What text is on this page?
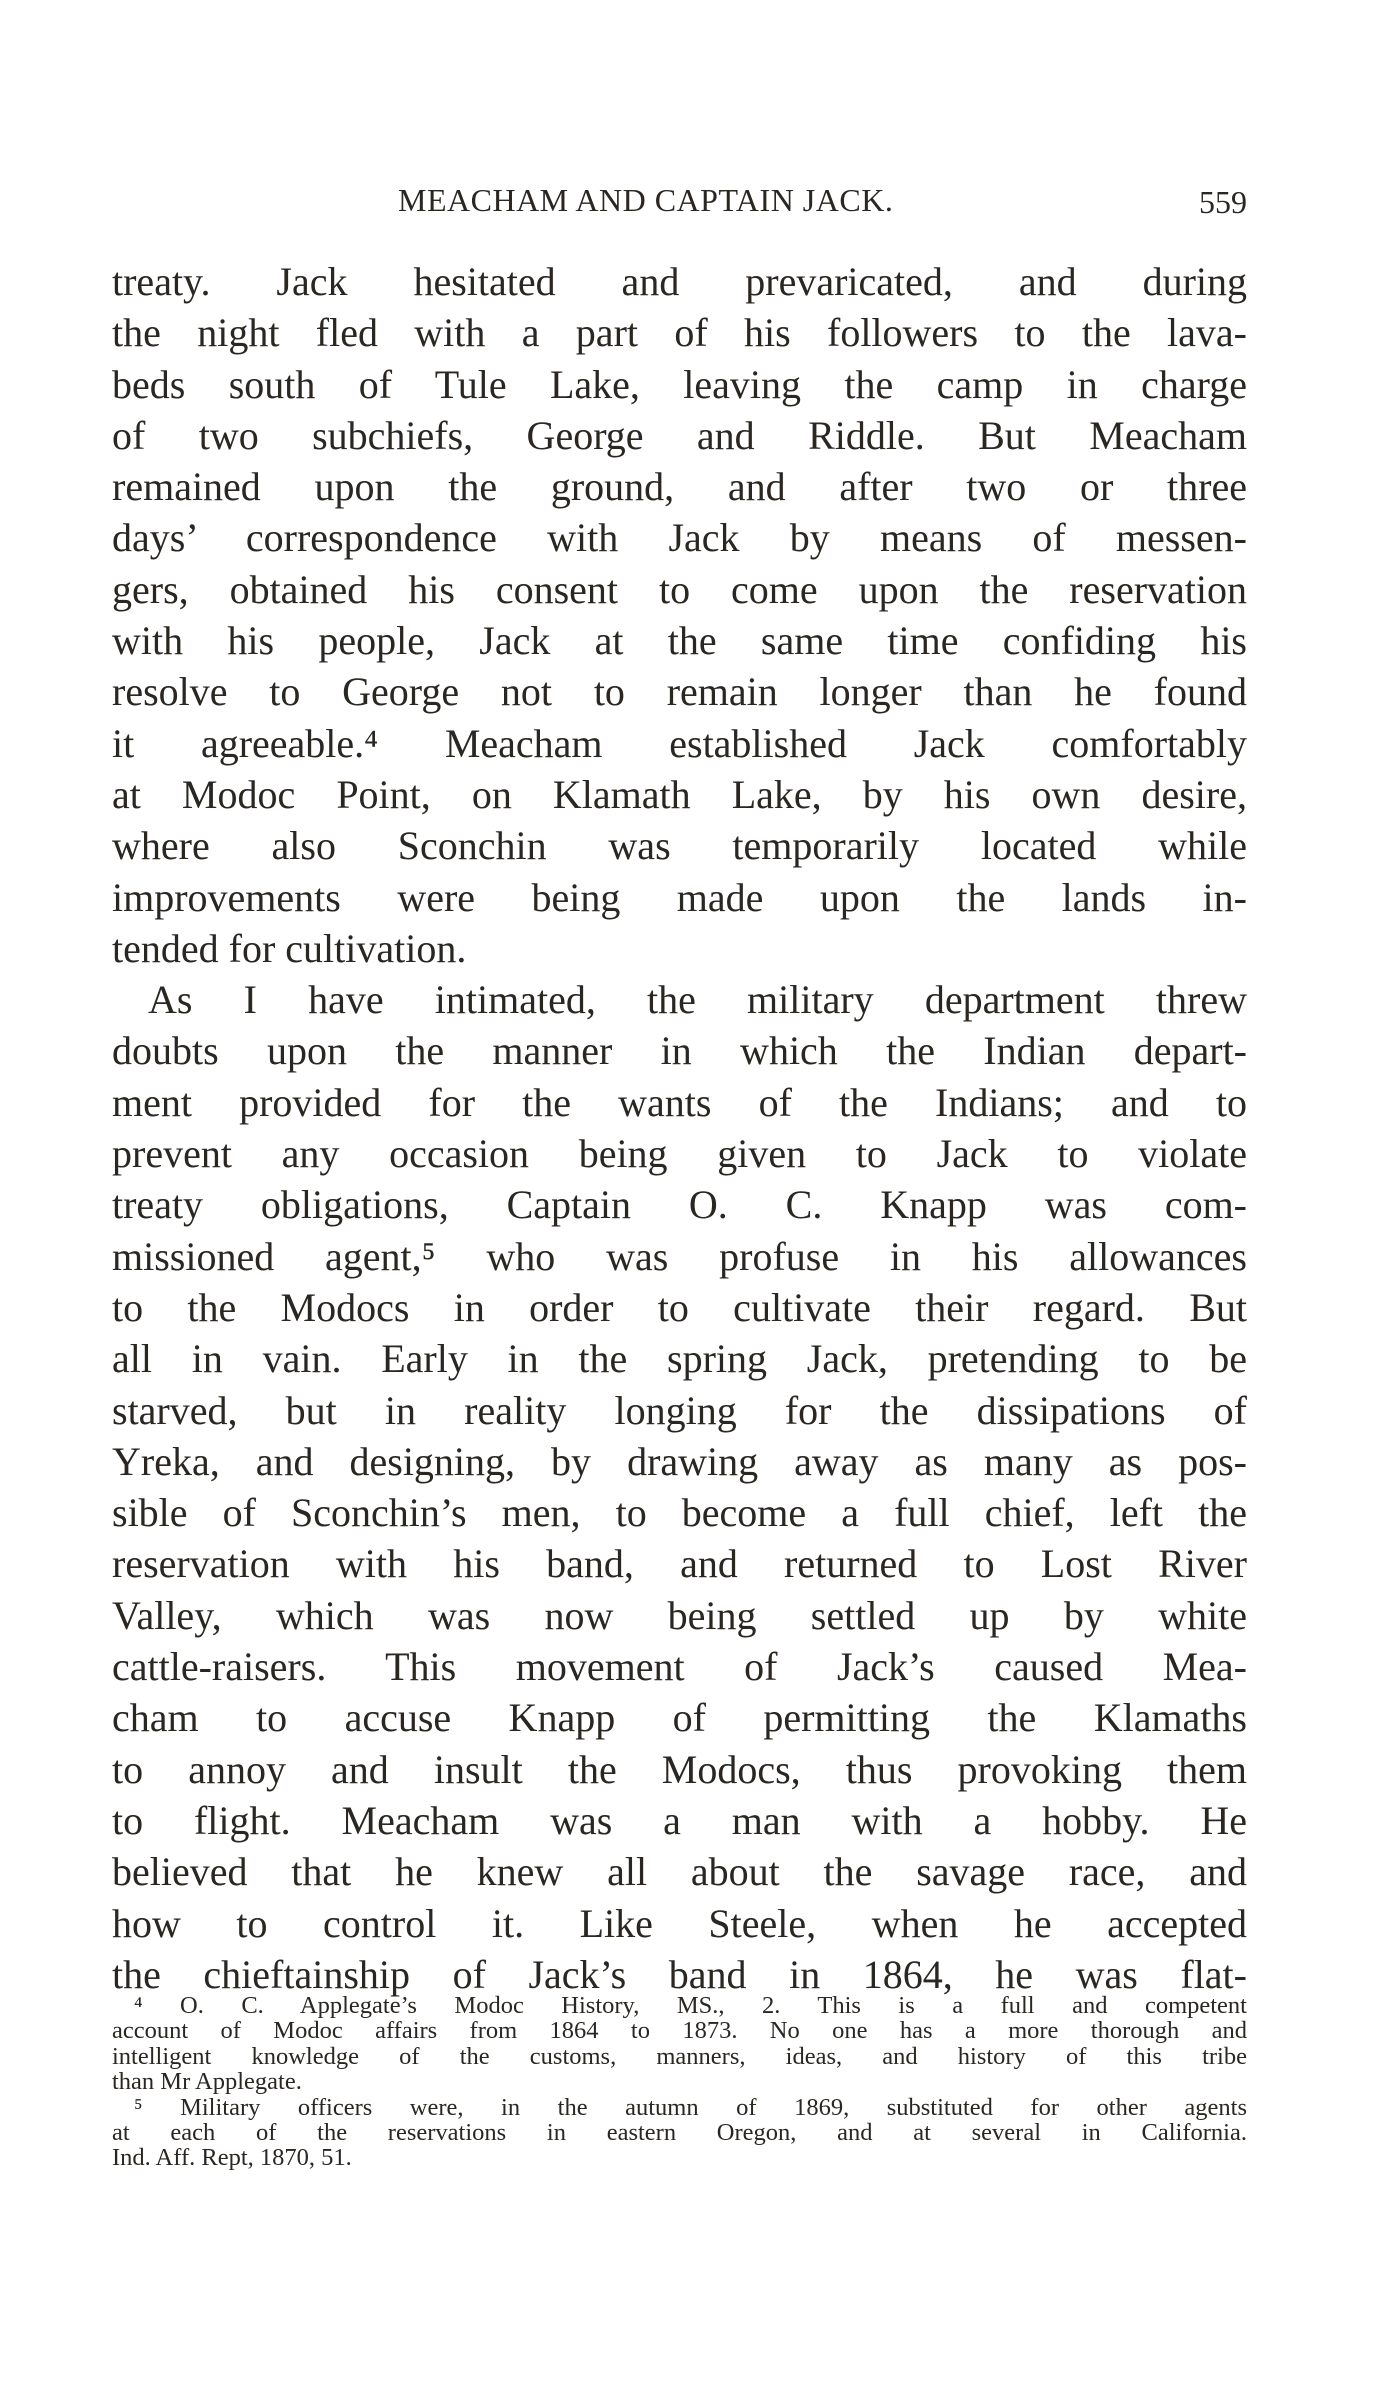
MEACHAM AND CAPTAIN JACK.	559
treaty. Jack hesitated and prevaricated, and during
the night fled with a part of his followers to the lava-
beds south of Tule Lake, leaving the camp in charge
of two subchiefs, George and Riddle. But Meacham
remained upon the ground, and after two or three
days’ correspondence with Jack by means of messen-
gers, obtained his consent to come upon the reservation
with his people, Jack at the same time confiding his
resolve to George not to remain longer than he found
it agreeable.⁴ Meacham established Jack comfortably
at Modoc Point, on Klamath Lake, by his own desire,
where also Sconchin was temporarily located while
improvements were being made upon the lands in-
tended for cultivation.
As I have intimated, the military department threw
doubts upon the manner in which the Indian depart-
ment provided for the wants of the Indians; and to
prevent any occasion being given to Jack to violate
treaty obligations, Captain O. C. Knapp was com-
missioned agent,⁵ who was profuse in his allowances
to the Modocs in order to cultivate their regard. But
all in vain. Early in the spring Jack, pretending to be
starved, but in reality longing for the dissipations of
Yreka, and designing, by drawing away as many as pos-
sible of Sconchin’s men, to become a full chief, left the
reservation with his band, and returned to Lost River
Valley, which was now being settled up by white
cattle-raisers. This movement of Jack’s caused Mea-
cham to accuse Knapp of permitting the Klamaths
to annoy and insult the Modocs, thus provoking them
to flight. Meacham was a man with a hobby. He
believed that he knew all about the savage race, and
how to control it. Like Steele, when he accepted
the chieftainship of Jack’s band in 1864, he was flat-
⁴ O. C. Applegate’s Modoc History, MS., 2. This is a full and competent
account of Modoc affairs from 1864 to 1873. No one has a more thorough and
intelligent knowledge of the customs, manners, ideas, and history of this tribe
than Mr Applegate.
⁵ Military officers were, in the autumn of 1869, substituted for other agents
at each of the reservations in eastern Oregon, and at several in California.
Ind. Aff. Rept, 1870, 51.
